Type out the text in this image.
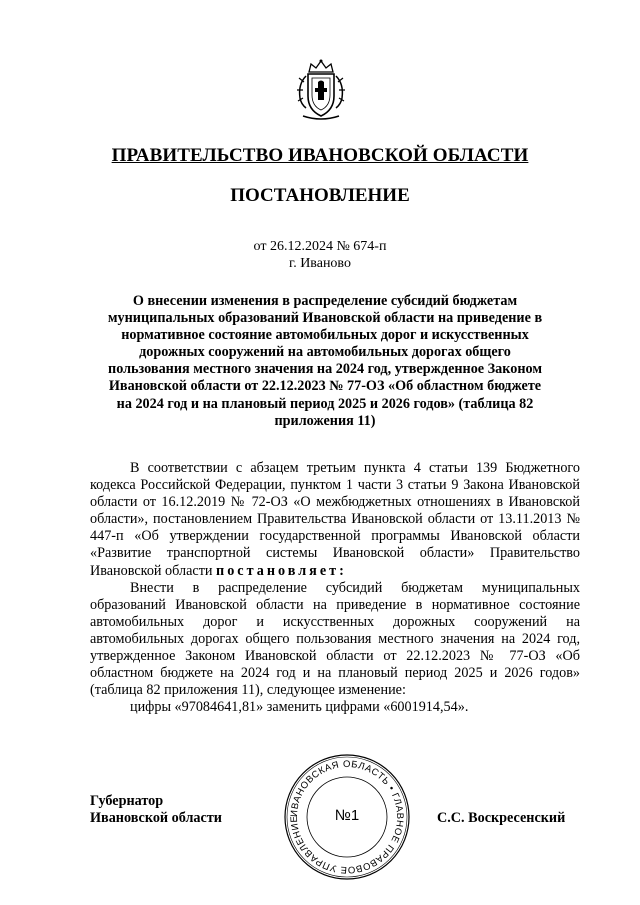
ПРАВИТЕЛЬСТВО ИВАНОВСКОЙ ОБЛАСТИ
ПОСТАНОВЛЕНИЕ
от 26.12.2024 № 674-п
г. Иваново
О внесении изменения в распределение субсидий бюджетам муниципальных образований Ивановской области на приведение в нормативное состояние автомобильных дорог и искусственных дорожных сооружений на автомобильных дорогах общего пользования местного значения на 2024 год, утвержденное Законом Ивановской области от 22.12.2023 № 77-ОЗ «Об областном бюджете на 2024 год и на плановый период 2025 и 2026 годов» (таблица 82 приложения 11)

В соответствии с абзацем третьим пункта 4 статьи 139 Бюджетного кодекса Российской Федерации, пунктом 1 части 3 статьи 9 Закона Ивановской области от 16.12.2019 № 72-ОЗ «О межбюджетных отношениях в Ивановской области», постановлением Правительства Ивановской области от 13.11.2013 № 447-п «Об утверждении государственной программы Ивановской области «Развитие транспортной системы Ивановской области» Правительство Ивановской области постановляет:

Внести в распределение субсидий бюджетам муниципальных образований Ивановской области на приведение в нормативное состояние автомобильных дорог и искусственных дорожных сооружений на автомобильных дорогах общего пользования местного значения на 2024 год, утвержденное Законом Ивановской области от 22.12.2023 № 77-ОЗ «Об областном бюджете на 2024 год и на плановый период 2025 и 2026 годов» (таблица 82 приложения 11), следующее изменение:

цифры «97084641,81» заменить цифрами «6001914,54».

Губернатор
Ивановской области	ИВАНОВСКАЯ ОБЛАСТЬ • ГЛАВНОЕ ПРАВОВОЕ УПРАВЛЕНИЕ	№1	С.С. Воскресенский
